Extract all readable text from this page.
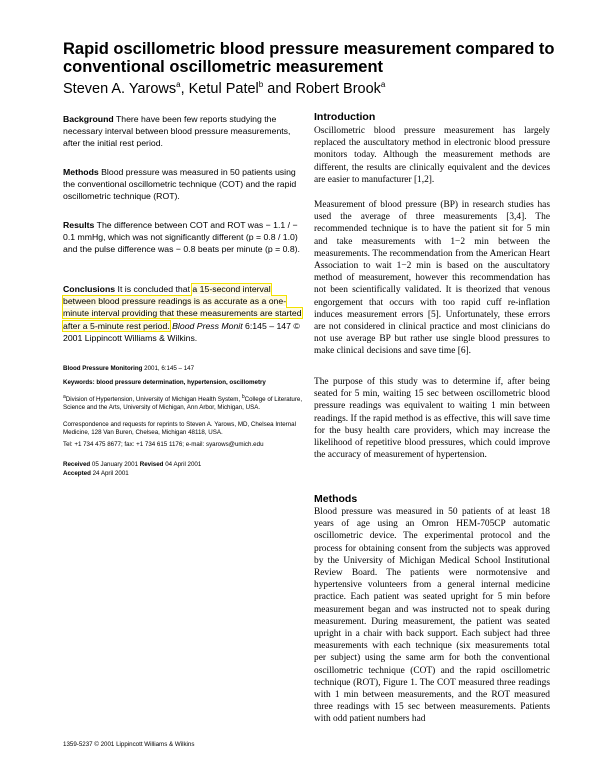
Rapid oscillometric blood pressure measurement compared to conventional oscillometric measurement
Steven A. Yarows$^a$, Ketul Patel$^b$ and Robert Brook$^a$

Background There have been few reports studying the necessary interval between blood pressure measurements, after the initial rest period.

Methods Blood pressure was measured in 50 patients using the conventional oscillometric technique (COT) and the rapid oscillometric technique (ROT).

Results The difference between COT and ROT was − 1.1 / − 0.1 mmHg, which was not significantly different (p = 0.8 / 1.0) and the pulse difference was − 0.8 beats per minute (p = 0.8).

Conclusions It is concluded that a 15-second interval between blood pressure readings is as accurate as a one-minute interval providing that these measurements are started after a 5-minute rest period. Blood Press Monit 6:145 – 147 © 2001 Lippincott Williams & Wilkins.

Blood Pressure Monitoring 2001, 6:145 – 147
Keywords: blood pressure determination, hypertension, oscillometry
$^a$Division of Hypertension, University of Michigan Health System, $^b$College of Literature, Science and the Arts, University of Michigan, Ann Arbor, Michigan, USA.
Correspondence and requests for reprints to Steven A. Yarows, MD, Chelsea Internal Medicine, 128 Van Buren, Chelsea, Michigan 48118, USA.
Tel: +1 734 475 8677; fax: +1 734 615 1176; e-mail: syarows@umich.edu
Received 05 January 2001 Revised 04 April 2001
Accepted 24 April 2001
Introduction

Oscillometric blood pressure measurement has largely replaced the auscultatory method in electronic blood pressure monitors today. Although the measurement methods are different, the results are clinically equivalent and the devices are easier to manufacturer [1,2].

Measurement of blood pressure (BP) in research studies has used the average of three measurements [3,4]. The recommended technique is to have the patient sit for 5 min and take measurements with 1−2 min between the measurements. The recommendation from the American Heart Association to wait 1−2 min is based on the auscultatory method of measurement, however this recommendation has not been scientifically validated. It is theorized that venous engorgement that occurs with too rapid cuff re-inflation induces measurement errors [5]. Unfortunately, these errors are not considered in clinical practice and most clinicians do not use average BP but rather use single blood pressures to make clinical decisions and save time [6].

The purpose of this study was to determine if, after being seated for 5 min, waiting 15 sec between oscillometric blood pressure readings was equivalent to waiting 1 min between readings. If the rapid method is as effective, this will save time for the busy health care providers, which may increase the likelihood of repetitive blood pressures, which could improve the accuracy of measurement of hypertension.

Methods

Blood pressure was measured in 50 patients of at least 18 years of age using an Omron HEM-705CP automatic oscillometric device. The experimental protocol and the process for obtaining consent from the subjects was approved by the University of Michigan Medical School Institutional Review Board. The patients were normotensive and hypertensive volunteers from a general internal medicine practice. Each patient was seated upright for 5 min before measurement began and was instructed not to speak during measurement. During measurement, the patient was seated upright in a chair with back support. Each subject had three measurements with each technique (six measurements total per subject) using the same arm for both the conventional oscillometric technique (COT) and the rapid oscillometric technique (ROT), Figure 1. The COT measured three readings with 1 min between measurements, and the ROT measured three readings with 15 sec between measurements. Patients with odd patient numbers had

1359-5237 © 2001 Lippincott Williams & Wilkins
